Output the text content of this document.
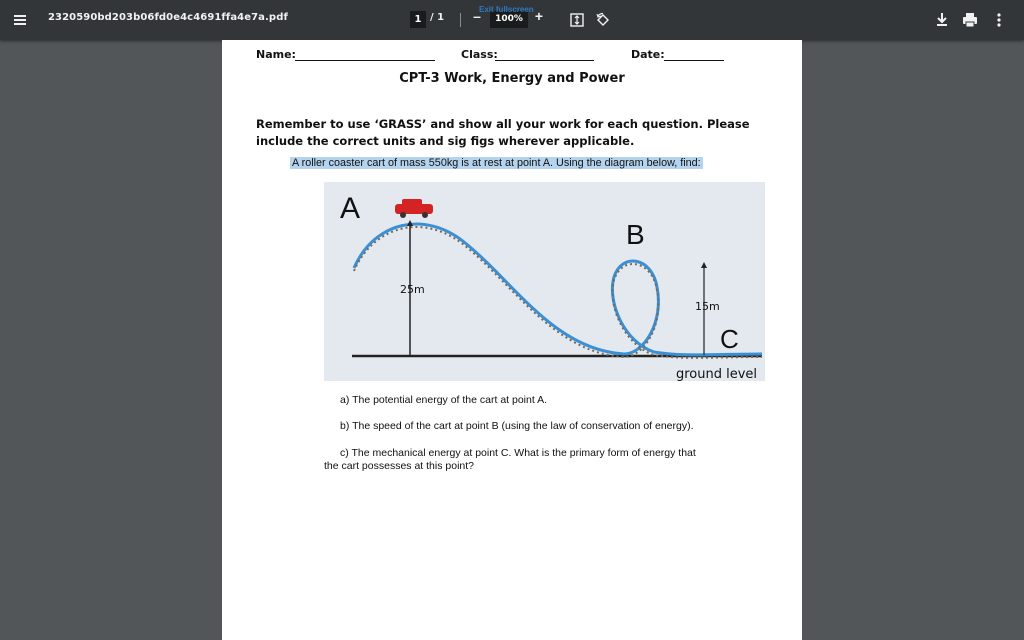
2320590bd203b06fd0e4c4691ffa4e7a.pdf	1 / 1 –	100%
Exit fullscreen +
Name:	Class:	Date:
CPT-3 Work, Energy and Power
Remember to use ‘GRASS’ and show all your work for each question. Please include the correct units and sig figs wherever applicable.
A roller coaster cart of mass 550kg is at rest at point A. Using the diagram below, find:
A
B
C
25m
15m
ground level
a) The potential energy of the cart at point A.
b) The speed of the cart at point B (using the law of conservation of energy).
c) The mechanical energy at point C. What is the primary form of energy that
the cart possesses at this point?
